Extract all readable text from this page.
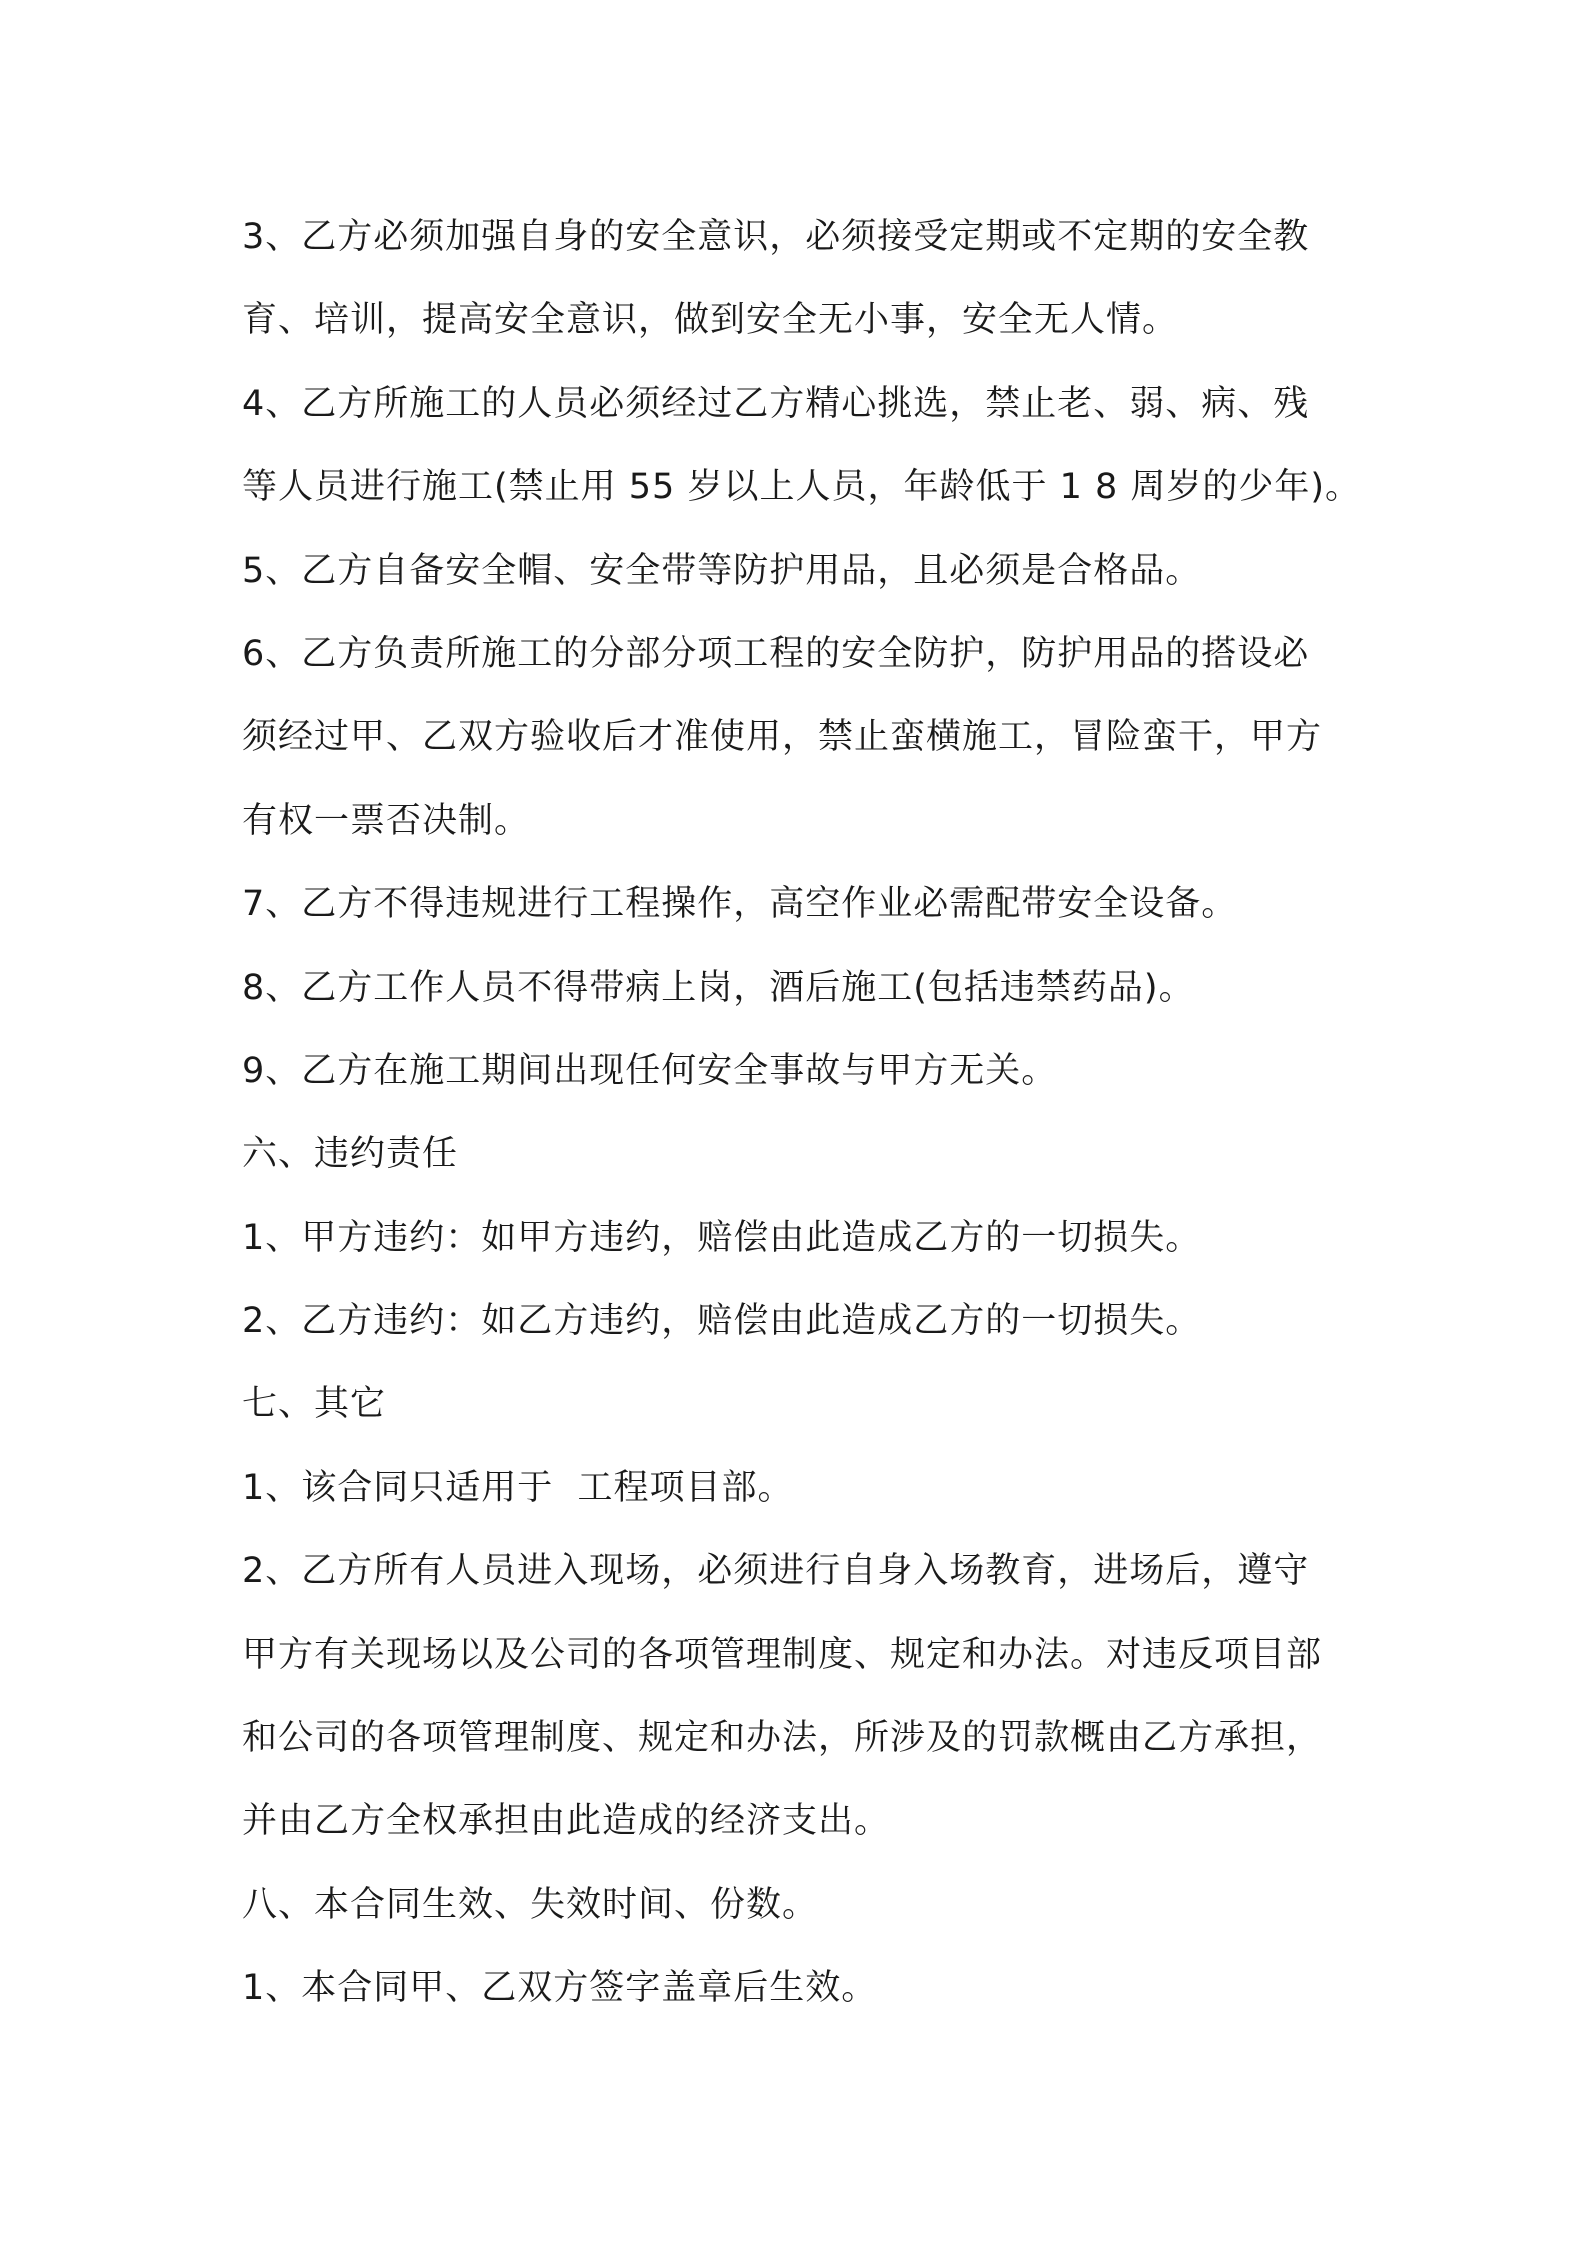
3、乙方必须加强自身的安全意识，必须接受定期或不定期的安全教
育、培训，提高安全意识，做到安全无小事，安全无人情。
4、乙方所施工的人员必须经过乙方精心挑选，禁止老、弱、病、残
等人员进行施工(禁止用 55 岁以上人员，年龄低于 1 8 周岁的少年)。
5、乙方自备安全帽、安全带等防护用品，且必须是合格品。
6、乙方负责所施工的分部分项工程的安全防护，防护用品的搭设必
须经过甲、乙双方验收后才准使用，禁止蛮横施工，冒险蛮干，甲方
有权一票否决制。
7、乙方不得违规进行工程操作，高空作业必需配带安全设备。
8、乙方工作人员不得带病上岗，酒后施工(包括违禁药品)。
9、乙方在施工期间出现任何安全事故与甲方无关。
六、违约责任
1、甲方违约：如甲方违约，赔偿由此造成乙方的一切损失。
2、乙方违约：如乙方违约，赔偿由此造成乙方的一切损失。
七、其它
1、该合同只适用于  工程项目部。
2、乙方所有人员进入现场，必须进行自身入场教育，进场后，遵守
甲方有关现场以及公司的各项管理制度、规定和办法。对违反项目部
和公司的各项管理制度、规定和办法，所涉及的罚款概由乙方承担，
并由乙方全权承担由此造成的经济支出。
八、本合同生效、失效时间、份数。
1、本合同甲、乙双方签字盖章后生效。
